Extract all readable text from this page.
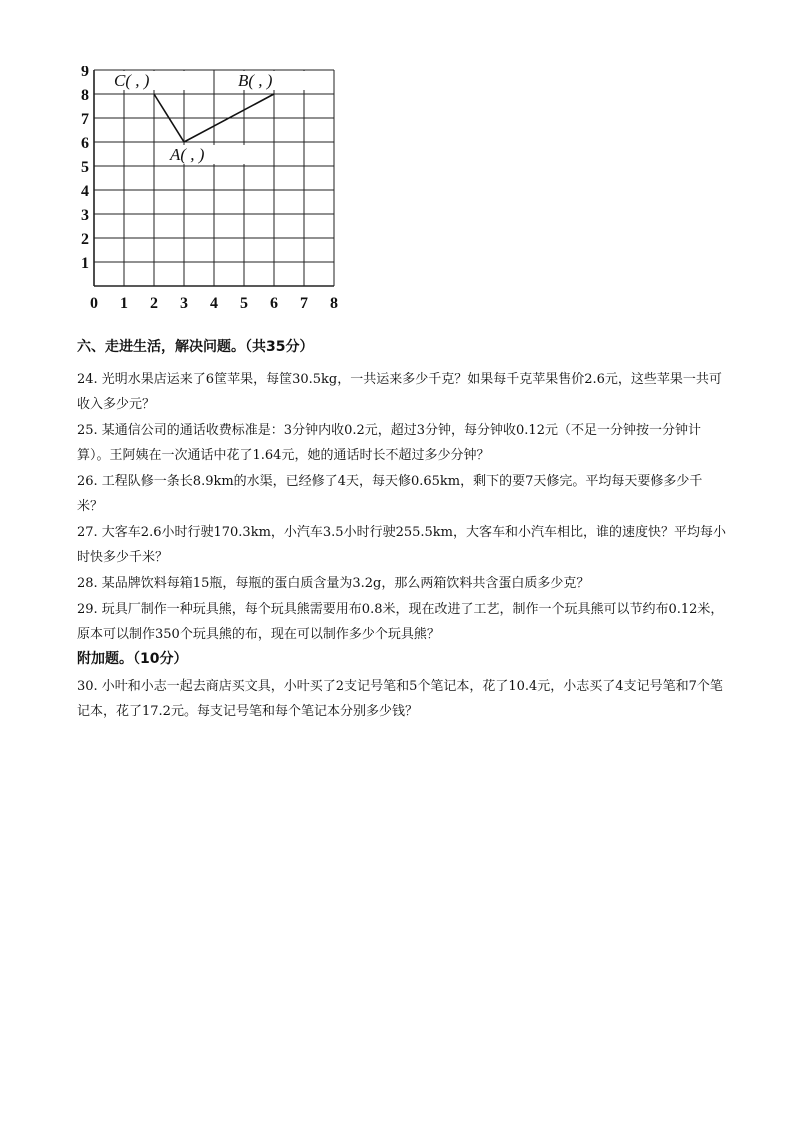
0 1 2 3 4 5 6 7 8
1
2
3
4
5
6
7
8
9 C( , )
A( , )
B( , )
六、走进生活，解决问题。（共35分）

24. 光明水果店运来了6筐苹果，每筐30.5kg，一共运来多少千克？如果每千克苹果售价2.6元，这些苹果一共可收入多少元？

25. 某通信公司的通话收费标准是：3分钟内收0.2元，超过3分钟，每分钟收0.12元（不足一分钟按一分钟计算）。王阿姨在一次通话中花了1.64元，她的通话时长不超过多少分钟？

26. 工程队修一条长8.9km的水渠，已经修了4天，每天修0.65km，剩下的要7天修完。平均每天要修多少千米？

27. 大客车2.6小时行驶170.3km，小汽车3.5小时行驶255.5km，大客车和小汽车相比，谁的速度快？平均每小时快多少千米？

28. 某品牌饮料每箱15瓶，每瓶的蛋白质含量为3.2g，那么两箱饮料共含蛋白质多少克？

29. 玩具厂制作一种玩具熊，每个玩具熊需要用布0.8米，现在改进了工艺，制作一个玩具熊可以节约布0.12米，原本可以制作350个玩具熊的布，现在可以制作多少个玩具熊？

附加题。（10分）

30. 小叶和小志一起去商店买文具，小叶买了2支记号笔和5个笔记本，花了10.4元，小志买了4支记号笔和7个笔记本，花了17.2元。每支记号笔和每个笔记本分别多少钱？
